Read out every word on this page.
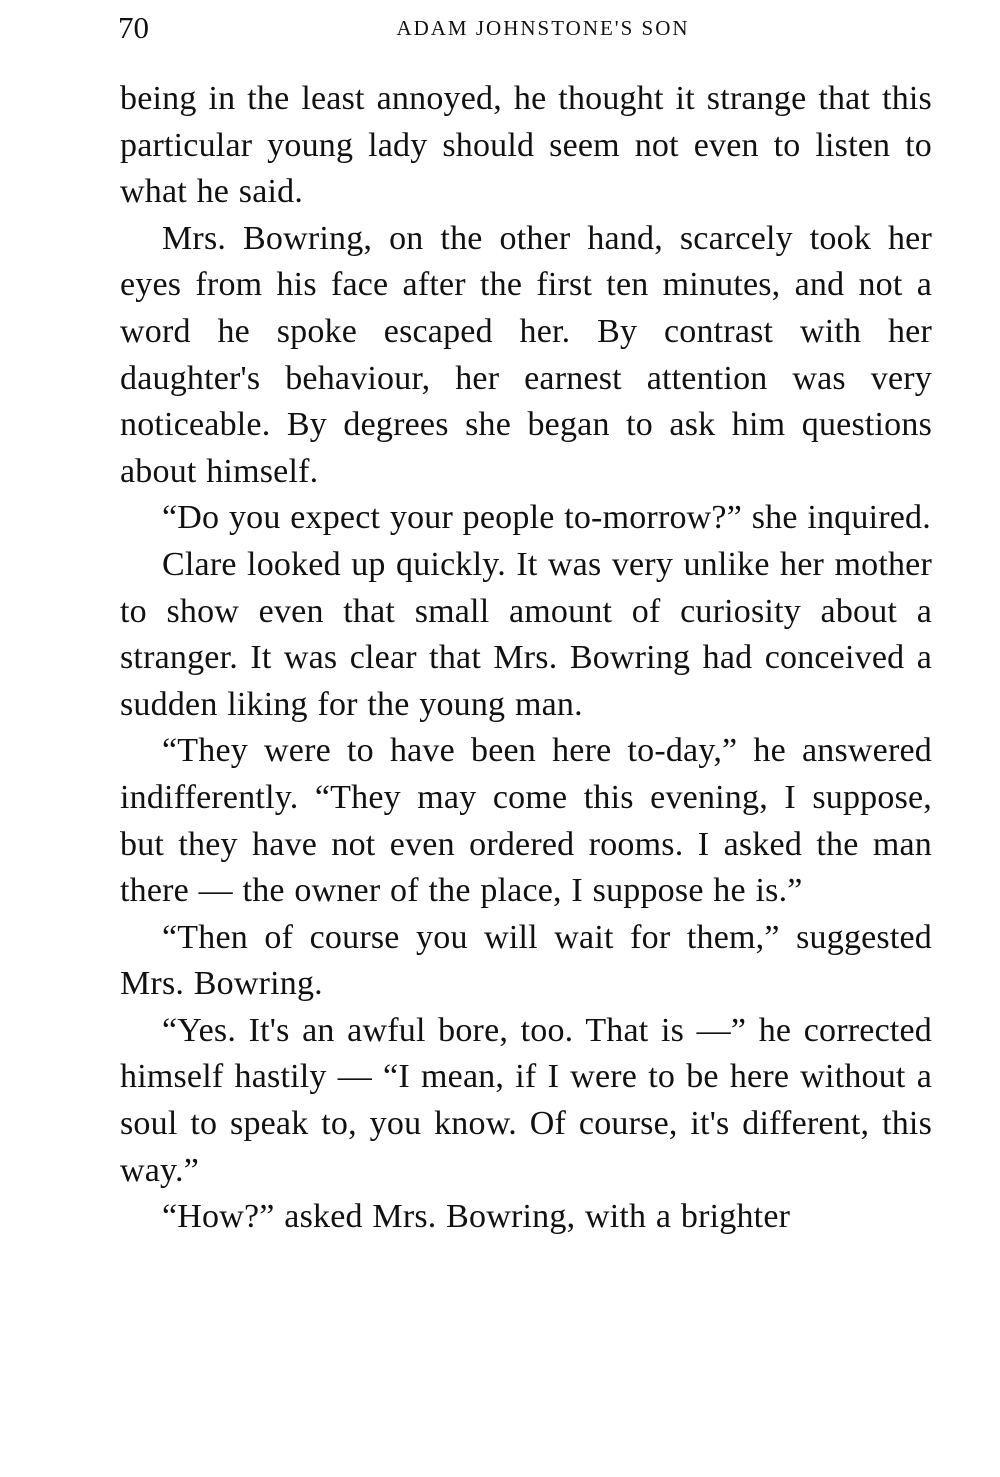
70	ADAM JOHNSTONE'S SON

being in the least annoyed, he thought it strange that this particular young lady should seem not even to listen to what he said.

Mrs. Bowring, on the other hand, scarcely took her eyes from his face after the first ten minutes, and not a word he spoke escaped her. By contrast with her daughter's behaviour, her earnest attention was very noticeable. By degrees she began to ask him questions about himself.

“Do you expect your people to-morrow?” she inquired.

Clare looked up quickly. It was very unlike her mother to show even that small amount of curiosity about a stranger. It was clear that Mrs. Bowring had conceived a sudden liking for the young man.

“They were to have been here to-day,” he answered indifferently. “They may come this evening, I suppose, but they have not even ordered rooms. I asked the man there — the owner of the place, I suppose he is.”

“Then of course you will wait for them,” suggested Mrs. Bowring.

“Yes. It's an awful bore, too. That is —” he corrected himself hastily — “I mean, if I were to be here without a soul to speak to, you know. Of course, it's different, this way.”

“How?” asked Mrs. Bowring, with a brighter
